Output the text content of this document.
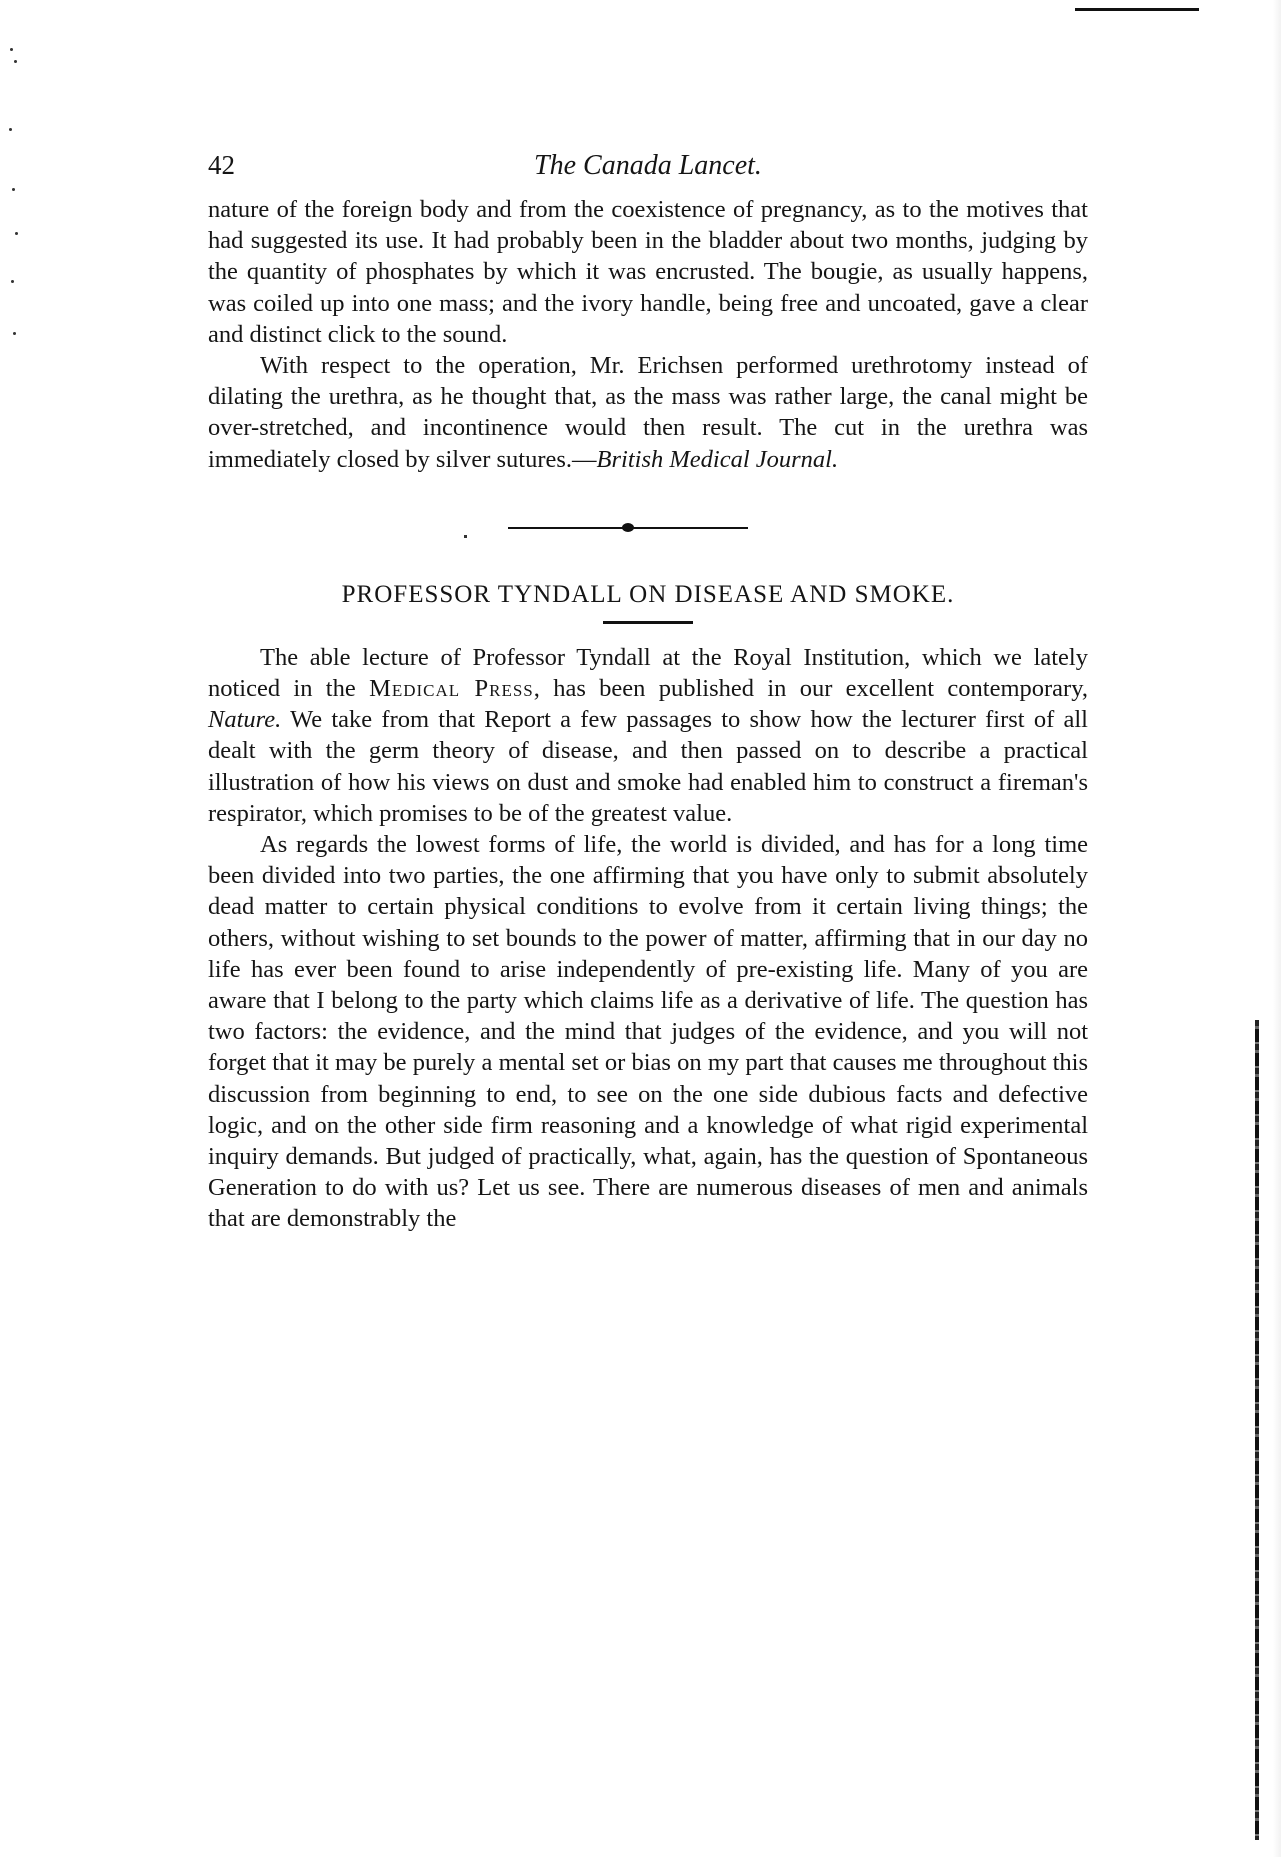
42	The Canada Lancet.

nature of the foreign body and from the coexistence of pregnancy, as to the motives that had suggested its use. It had probably been in the bladder about two months, judging by the quantity of phosphates by which it was encrusted. The bougie, as usually happens, was coiled up into one mass; and the ivory handle, being free and uncoated, gave a clear and distinct click to the sound.

With respect to the operation, Mr. Erichsen performed urethrotomy instead of dilating the urethra, as he thought that, as the mass was rather large, the canal might be over-stretched, and incontinence would then result. The cut in the urethra was immediately closed by silver sutures.—British Medical Journal.

PROFESSOR TYNDALL ON DISEASE AND SMOKE.

The able lecture of Professor Tyndall at the Royal Institution, which we lately noticed in the Medical Press, has been published in our excellent contemporary, Nature. We take from that Report a few passages to show how the lecturer first of all dealt with the germ theory of disease, and then passed on to describe a practical illustration of how his views on dust and smoke had enabled him to construct a fireman's respirator, which promises to be of the greatest value.

As regards the lowest forms of life, the world is divided, and has for a long time been divided into two parties, the one affirming that you have only to submit absolutely dead matter to certain physical conditions to evolve from it certain living things; the others, without wishing to set bounds to the power of matter, affirming that in our day no life has ever been found to arise independently of pre-existing life. Many of you are aware that I belong to the party which claims life as a derivative of life. The question has two factors: the evidence, and the mind that judges of the evidence, and you will not forget that it may be purely a mental set or bias on my part that causes me throughout this discussion from beginning to end, to see on the one side dubious facts and defective logic, and on the other side firm reasoning and a knowledge of what rigid experimental inquiry demands. But judged of practically, what, again, has the question of Spontaneous Generation to do with us? Let us see. There are numerous diseases of men and animals that are demonstrably the
